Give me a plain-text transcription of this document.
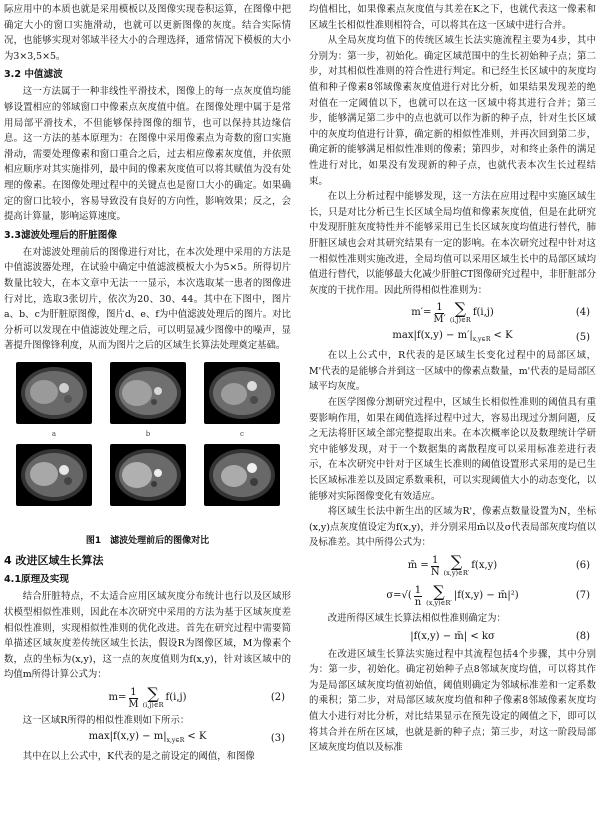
际应用中的本质也就是采用模板以及图像实现卷积运算，在图像中把确定大小的窗口实施滑动，也就可以更新图像的灰度。结合实际情况，也能够实现对邻域半径大小的合理选择，通常情况下模板的大小为3×3,5×5。

3.2 中值滤波

这一方法属于一种非线性平滑技术，图像上的每一点灰度值均能够设置相应的邻域窗口中像素点灰度值中值。在图像处理中属于是常用局部平滑技术，不但能够保持图像的细节，也可以保持其边缘信息。这一方法的基本原理为：在图像中采用像素点为奇数的窗口实施滑动，需要处理像素和窗口重合之后，过去相应像素灰度值，并依照相应顺序对其实施排列，最中间的像素灰度值可以将其赋值为没有处理的像素。在图像处理过程中的关键点也是窗口大小的确定。如果确定的窗口比较小，容易导致没有良好的方向性，影响效果；反之，会提高计算量，影响运算速度。

3.3滤波处理后的肝脏图像

在对滤波处理前后的图像进行对比，在本次处理中采用的方法是中值滤波器处理，在试验中确定中值滤波模板大小为5×5。所得切片数量比较大，在本文章中无法一一显示，本次选取某一患者的图像进行对比，选取3张切片，依次为20、30、44。其中在下图中，图片a、b、c为肝脏原图像，图片d、e、f为中值滤波处理后的图片。对比分析可以发现在中值滤波处理之后，可以明显减少图像中的噪声，显著提升图像锋利度，从而为图片之后的区域生长算法处理奠定基础。

a	b	c
图1　滤波处理前后的图像对比
4 改进区域生长算法
4.1原理及实现

结合肝脏特点，不太适合应用区域灰度分布统计也行以及区域形状模型相似性准则，因此在本次研究中采用的方法为基于区域灰度差相似性准则，实现相似性准则的优化改进。首先在研究过程中需要简单描述区域灰度差传统区域生长法，假设R为图像区域，M为像素个数，点的坐标为(x,y)，这一点的灰度值则为f(x,y)，针对该区域中的均值m所得计算公式为：

$m= \frac{1}{M}$ ∑
(i,j)∈R
f(i,j)	(2)

这一区域R所得的相似性准则如下所示：

$\max|f(x,y) - m|_{x,y\in R} < K$	(3)

其中在以上公式中，K代表的是之前设定的阈值，和图像

均值相比，如果像素点灰度值与其差在K之下，也就代表这一像素和区域生长相似性准则相符合，可以将其在这一区域中进行合并。

从全局灰度均值下的传统区域生长法实施流程主要为4步，其中分别为：第一步，初始化。确定区域范围中的生长初始种子点；第二步，对其相似性准则的符合性进行判定。和已经生长区域中的灰度均值和种子像素8邻域像素灰度值进行对比分析，如果结果发现差的绝对值在一定阈值以下，也就可以在这一区域中将其进行合并；第三步，能够满足第二步中的点也就可以作为新的种子点，针对生长区域中的灰度均值进行计算，确定新的相似性准则，并再次回到第二步，确定新的能够满足相似性准则的像素；第四步，对和终止条件的满足性进行对比，如果没有发现新的种子点，也就代表本次生长过程结束。

在以上分析过程中能够发现，这一方法在应用过程中实施区域生长，只是对比分析已生长区域全局均值和像素灰度值，但是在此研究中发现肝脏灰度特性并不能够采用已生长区域灰度均值进行替代，肺肝脏区域也会对其研究结果有一定的影响。在本次研究过程中针对这一相似性准则实施改进，全局均值可以采用区域生长中的局部区域均值进行替代，以能够最大化减少肝脏CT图像研究过程中，非肝脏部分灰度的干扰作用。因此所得相似性准则为：

$m'= \frac{1}{M'}$ ∑
(i,j)∈R
f(i,j)	(4)
$\max|f(x,y) - m'|_{x,y\in R} < K$	(5)

在以上公式中，R代表的是区域生长变化过程中的局部区域，M'代表的是能够合并到这一区域中的像素点数量，m'代表的是局部区域平均灰度。

在医学图像分割研究过程中，区域生长相似性准则的阈值具有重要影响作用，如果在阈值选择过程中过大，容易出现过分割问题，反之无法将肝区域全部完整提取出来。在本次概率论以及数理统计学研究中能够发现，对于一个数据集的离散程度可以采用标准差进行表示，在本次研究中针对于区域生长准则的阈值设置形式采用的是已生长区域标准差以及固定系数乘积，可以实现阈值大小的动态变化，以能够对实际图像变化有效适应。

将区域生长法中新生出的区域为R'，像素点数量设置为N，坐标(x,y)点灰度值设定为f(x,y)，并分别采用m̄以及σ代表局部灰度均值以及标准差。其中所得公式为：

m̄ = $\frac{1}{N}$ ∑
(x,y)∈R′
f(x,y)	(6)
$\sigma=√( \frac{1}{n}$ ∑
(x,y)∈R′
|f(x,y) − m̄|²)	(7)

改进所得区域生长算法相似性准则确定为：

|f(x,y) − m̄| < kσ	(8)

在改进区域生长算法实施过程中其流程包括4个步骤，其中分别为：第一步，初始化。确定初始种子点8邻域灰度均值，可以将其作为是局部区域灰度均值初始值，阈值则确定为邻域标准差和一定系数的乘积；第二步，对局部区域灰度均值和种子像素8邻域像素灰度均值大小进行对比分析，对比结果显示在预先设定的阈值之下，即可以将其合并在所在区域，也就是新的种子点；第三步，对这一阶段局部区域灰度均值以及标准
